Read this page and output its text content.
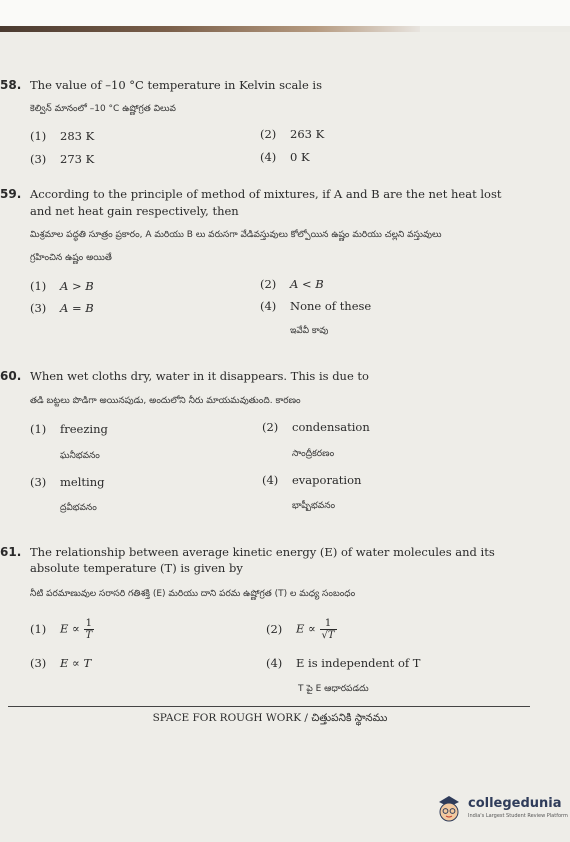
58. The value of –10 °C temperature in Kelvin scale is
కెల్విన్ మానంలో –10 °C ఉష్ణోగ్రత విలువ
(1) 283 K	(2) 263 K
(3) 273 K	(4) 0 K
59. According to the principle of method of mixtures, if A and B are the net heat lost
and net heat gain respectively, then
మిశ్రమాల పద్ధతి సూత్రం ప్రకారం, A మరియు B లు వరుసగా వేడివస్తువులు కోల్పోయిన ఉష్ణం మరియు చల్లని వస్తువులు
గ్రహించిన ఉష్ణం అయితే
(1) A > B	(2) A < B
(3) A = B	(4) None of these
ఇవేవీ కావు
60. When wet cloths dry, water in it disappears. This is due to
తడి బట్టలు పొడిగా అయినపుడు, అందులోని నీరు మాయమవుతుంది. కారణం
(1) freezing
ఘనీభవనం
(2) condensation
సాంద్రీకరణం
(3) melting
ద్రవీభవనం
(4) evaporation
భాష్పీభవనం
61. The relationship between average kinetic energy (E) of water molecules and its
absolute temperature (T) is given by
నీటి పరమాణువుల సరాసరి గతిశక్తి (E) మరియు దాని పరమ ఉష్ణోగ్రత (T) ల మధ్య సంబంధం
(1) $E \propto \frac{1}{T}$	(2) $E \propto \frac{1}{√T}$
(3) E ∝ T	(4) E is independent of T
T పై E ఆధారపడదు
SPACE FOR ROUGH WORK / చిత్తుపనికి స్థానము
collegedunia
India's Largest Student Review Platform
